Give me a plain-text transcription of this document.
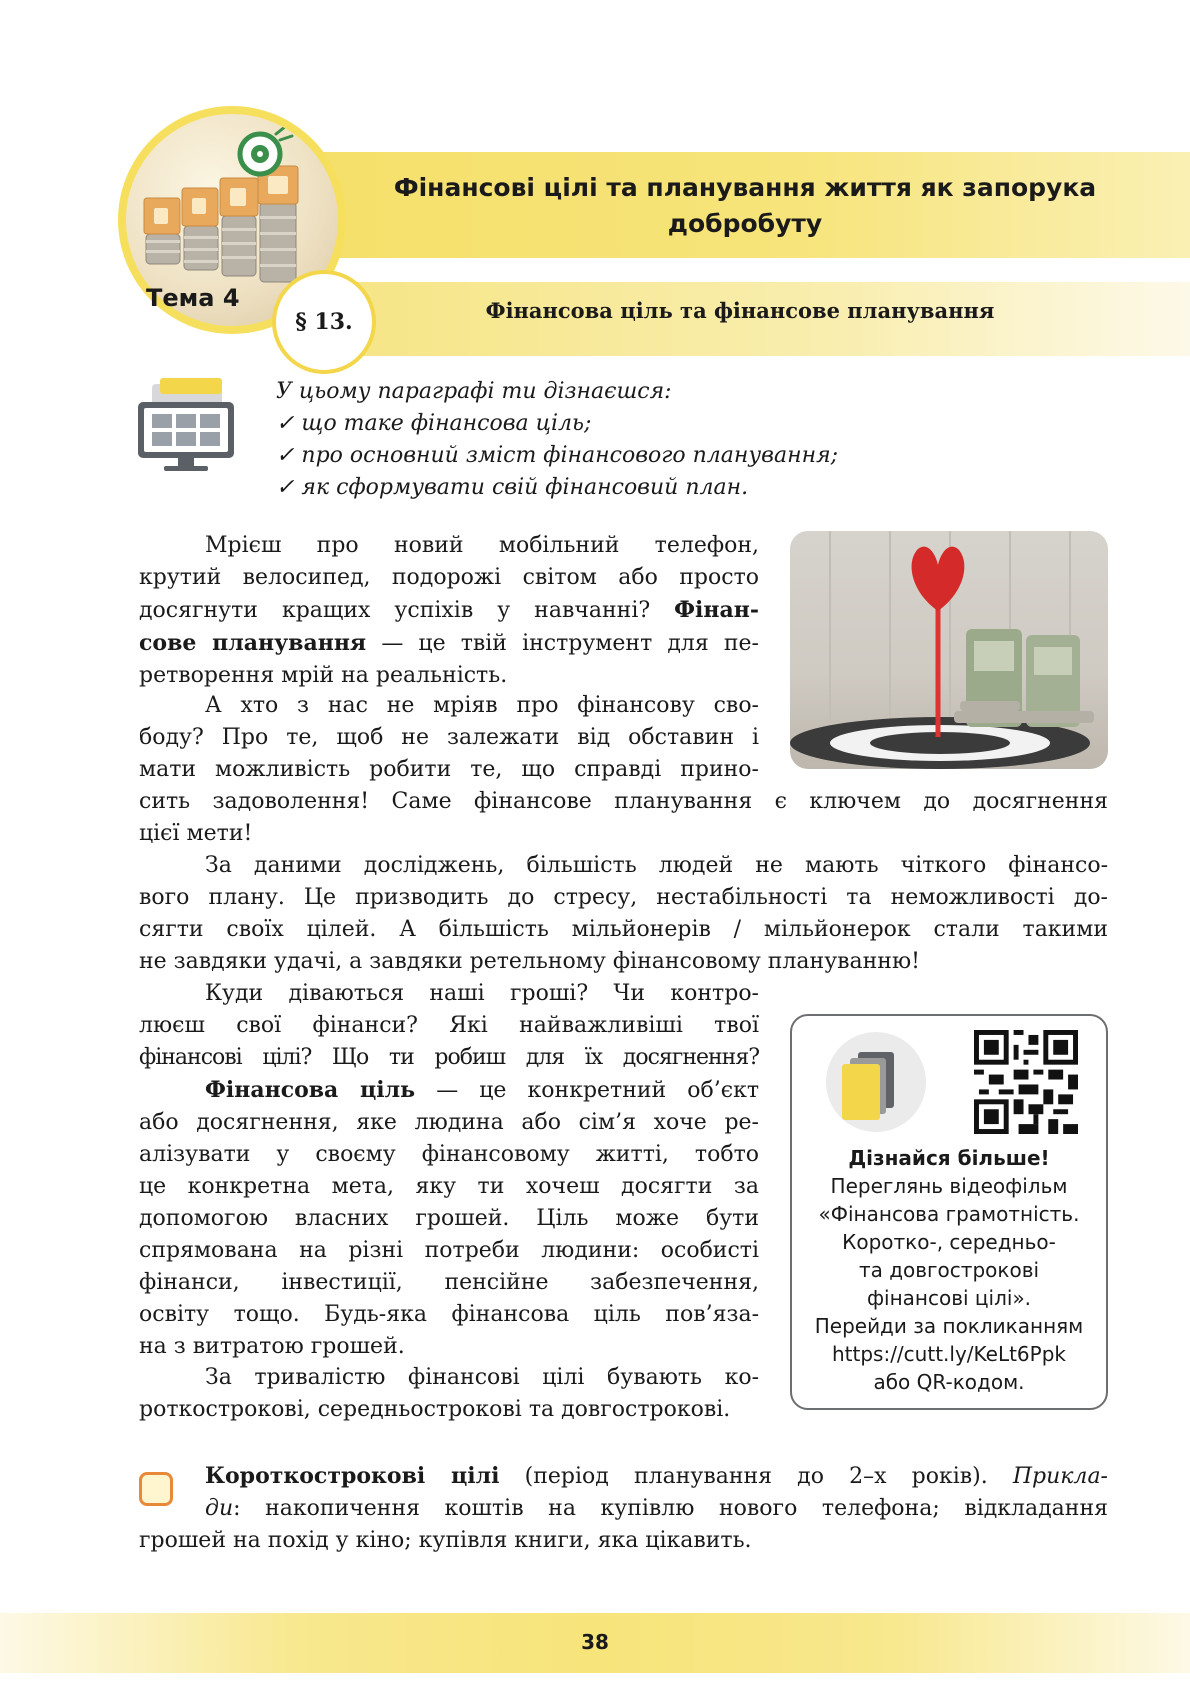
Фінансові цілі та планування життя як запорука
добробуту
Фінансова ціль та фінансове планування
Тема 4
§ 13.
У цьому параграфі ти дізнаєшся:
✓ що таке фінансова ціль;
✓ про основний зміст фінансового планування;
✓ як сформувати свій фінансовий план.
Мрієш про новий мобільний телефон,
крутий велосипед, подорожі світом або просто
досягнути кращих успіхів у навчанні? Фінан-
сове планування — це твій інструмент для пе-
ретворення мрій на реальність.
А хто з нас не мріяв про фінансову сво-
боду? Про те, щоб не залежати від обставин і
мати можливість робити те, що справді прино-
сить задоволення! Саме фінансове планування є ключем до досягнення
цієї мети!
За даними досліджень, більшість людей не мають чіткого фінансо-
вого плану. Це призводить до стресу, нестабільності та неможливості до-
сягти своїх цілей. А більшість мільйонерів / мільйонерок стали такими
не завдяки удачі, а завдяки ретельному фінансовому плануванню!
Куди діваються наші гроші? Чи контро-
люєш свої фінанси? Які найважливіші твої
фінансові цілі? Що ти робиш для їх досягнення?
Фінансова ціль — це конкретний об’єкт
або досягнення, яке людина або сім’я хоче ре-
алізувати у своєму фінансовому житті, тобто
це конкретна мета, яку ти хочеш досягти за
допомогою власних грошей. Ціль може бути
спрямована на різні потреби людини: особисті
фінанси, інвестиції, пенсійне забезпечення,
освіту тощо. Будь-яка фінансова ціль пов’яза-
на з витратою грошей.
За тривалістю фінансові цілі бувають ко-
роткострокові, середньострокові та довгострокові.
Дізнайся більше!
Переглянь відеофільм
«Фінансова грамотність.
Коротко-, середньо-
та довгострокові
фінансові цілі».
Перейди за покликанням
https://cutt.ly/KeLt6Ppk
або QR-кодом.
Короткострокові цілі (період планування до 2–х років). Прикла-
ди: накопичення коштів на купівлю нового телефона; відкладання
грошей на похід у кіно; купівля книги, яка цікавить.
38
